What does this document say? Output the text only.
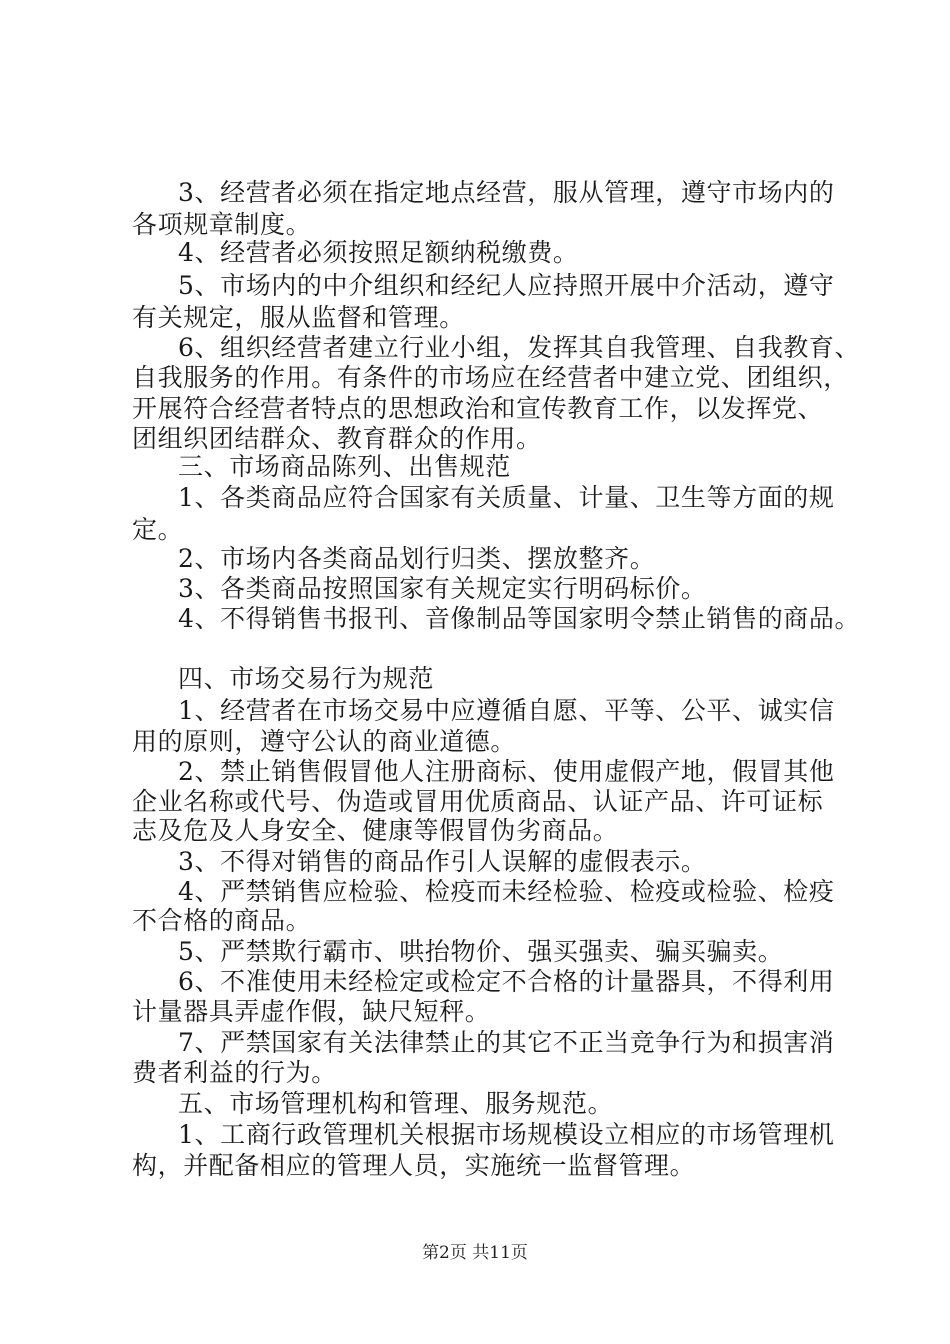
3、经营者必须在指定地点经营，服从管理，遵守市场内的
各项规章制度。
4、经营者必须按照足额纳税缴费。
5、市场内的中介组织和经纪人应持照开展中介活动，遵守
有关规定，服从监督和管理。
6、组织经营者建立行业小组，发挥其自我管理、自我教育、
自我服务的作用。有条件的市场应在经营者中建立党、团组织，
开展符合经营者特点的思想政治和宣传教育工作，以发挥党、
团组织团结群众、教育群众的作用。
三、市场商品陈列、出售规范
1、各类商品应符合国家有关质量、计量、卫生等方面的规
定。
2、市场内各类商品划行归类、摆放整齐。
3、各类商品按照国家有关规定实行明码标价。
4、不得销售书报刊、音像制品等国家明令禁止销售的商品。
四、市场交易行为规范
1、经营者在市场交易中应遵循自愿、平等、公平、诚实信
用的原则，遵守公认的商业道德。
2、禁止销售假冒他人注册商标、使用虚假产地，假冒其他
企业名称或代号、伪造或冒用优质商品、认证产品、许可证标
志及危及人身安全、健康等假冒伪劣商品。
3、不得对销售的商品作引人误解的虚假表示。
4、严禁销售应检验、检疫而未经检验、检疫或检验、检疫
不合格的商品。
5、严禁欺行霸市、哄抬物价、强买强卖、骗买骗卖。
6、不准使用未经检定或检定不合格的计量器具，不得利用
计量器具弄虚作假，缺尺短秤。
7、严禁国家有关法律禁止的其它不正当竞争行为和损害消
费者利益的行为。
五、市场管理机构和管理、服务规范。
1、工商行政管理机关根据市场规模设立相应的市场管理机
构，并配备相应的管理人员，实施统一监督管理。
第2页 共11页
